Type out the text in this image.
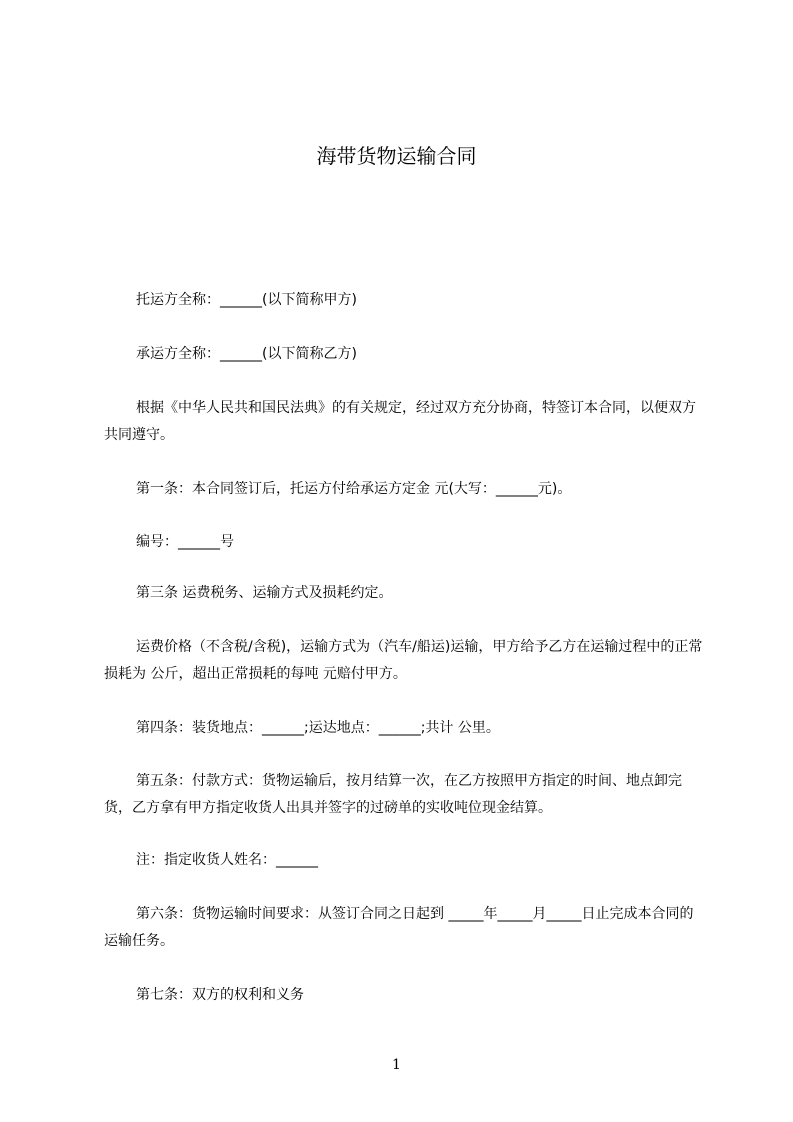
海带货物运输合同

托运方全称：______(以下简称甲方)

承运方全称：______(以下简称乙方)

根据《中华人民共和国民法典》的有关规定，经过双方充分协商，特签订本合同，以便双方共同遵守。

第一条：本合同签订后，托运方付给承运方定金 元(大写：______元)。

编号：______号

第三条 运费税务、运输方式及损耗约定。

运费价格（不含税/含税)，运输方式为（汽车/船运)运输，甲方给予乙方在运输过程中的正常损耗为 公斤，超出正常损耗的每吨 元赔付甲方。

第四条：装货地点：______;运达地点：______;共计 公里。

第五条：付款方式：货物运输后，按月结算一次，在乙方按照甲方指定的时间、地点卸完货，乙方拿有甲方指定收货人出具并签字的过磅单的实收吨位现金结算。

注：指定收货人姓名：______

第六条：货物运输时间要求：从签订合同之日起到 _____年_____月_____日止完成本合同的运输任务。

第七条：双方的权利和义务

1
